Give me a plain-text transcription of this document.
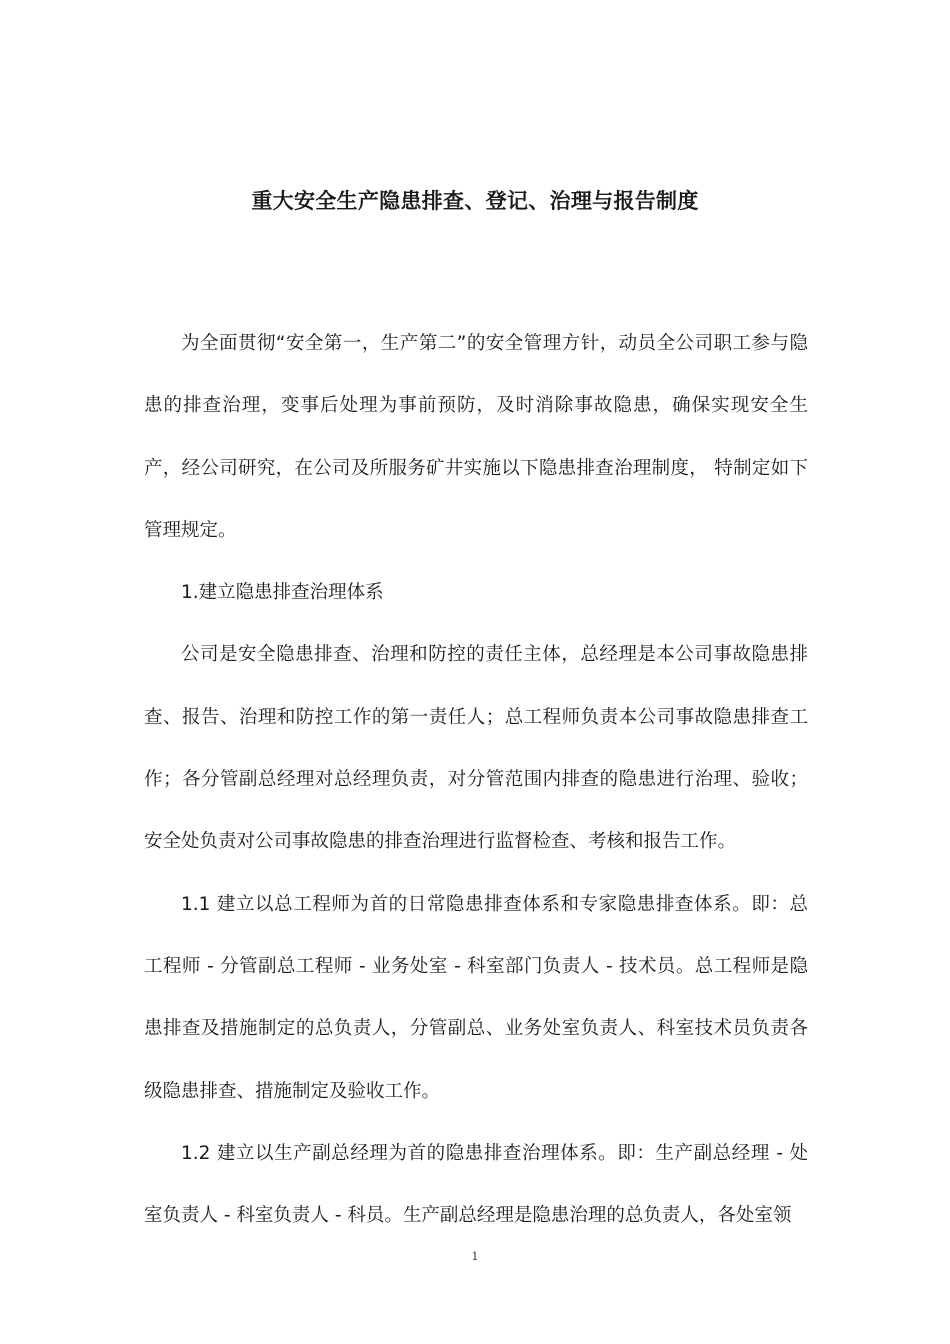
重大安全生产隐患排查、登记、治理与报告制度

为全面贯彻“安全第一，生产第二”的安全管理方针，动员全公司职工参与隐患的排查治理，变事后处理为事前预防，及时消除事故隐患，确保实现安全生产，经公司研究，在公司及所服务矿井实施以下隐患排查治理制度， 特制定如下管理规定。

1.建立隐患排查治理体系

公司是安全隐患排查、治理和防控的责任主体，总经理是本公司事故隐患排查、报告、治理和防控工作的第一责任人；总工程师负责本公司事故隐患排查工作；各分管副总经理对总经理负责，对分管范围内排查的隐患进行治理、验收；安全处负责对公司事故隐患的排查治理进行监督检查、考核和报告工作。

1.1 建立以总工程师为首的日常隐患排查体系和专家隐患排查体系。即：总工程师 - 分管副总工程师 - 业务处室 - 科室部门负责人 - 技术员。总工程师是隐患排查及措施制定的总负责人，分管副总、业务处室负责人、科室技术员负责各级隐患排查、措施制定及验收工作。

1.2 建立以生产副总经理为首的隐患排查治理体系。即：生产副总经理 - 处室负责人 - 科室负责人 - 科员。生产副总经理是隐患治理的总负责人，各处室领

1
